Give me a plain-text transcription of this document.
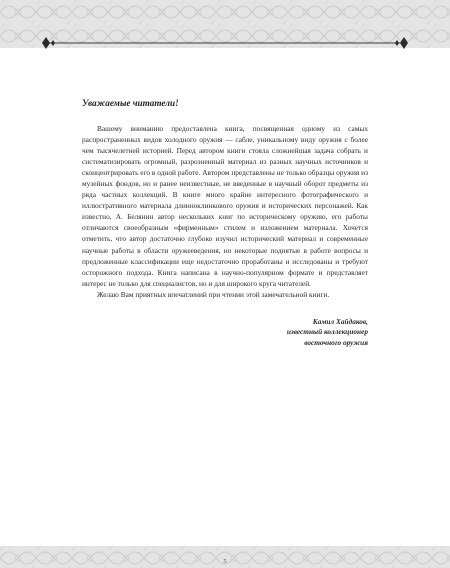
Уважаемые читатели!

Вашему вниманию предоставлена книга, посвященная одному из самых распространенных видов холодного оружия — сабле, уникальному виду оружия с более чем тысячелетней историей. Перед автором книги стояла сложнейшая задача собрать и систематизировать огромный, разрозненный материал из разных научных источников и сконцентрировать его в одной работе. Автором представлены не только образцы оружия из музейных фондов, но и ранее неизвестные, не введенные в научный оборот предметы из ряда частных коллекций. В книге много крайне интересного фотографического и иллюстративного материала длинноклинкового оружия и исторических персонажей. Как известно, А. Белянин автор нескольких книг по историческому оружию, его работы отличаются своеобразным «фирменным» стилем и изложением материала. Хочется отметить, что автор достаточно глубоко изучил исторический материал и современные научные работы в области оружееведения, но некоторые поднятые в работе вопросы и предложенные классификации еще недостаточно проработаны и исследованы и требуют осторожного подхода. Книга написана в научно-популярном формате и представляет интерес не только для специалистов, но и для широкого круга читателей.

Желаю Вам приятных впечатлений при чтении этой замечательной книги.

Камил Хайдаков,
известный коллекционер
восточного оружия
5
